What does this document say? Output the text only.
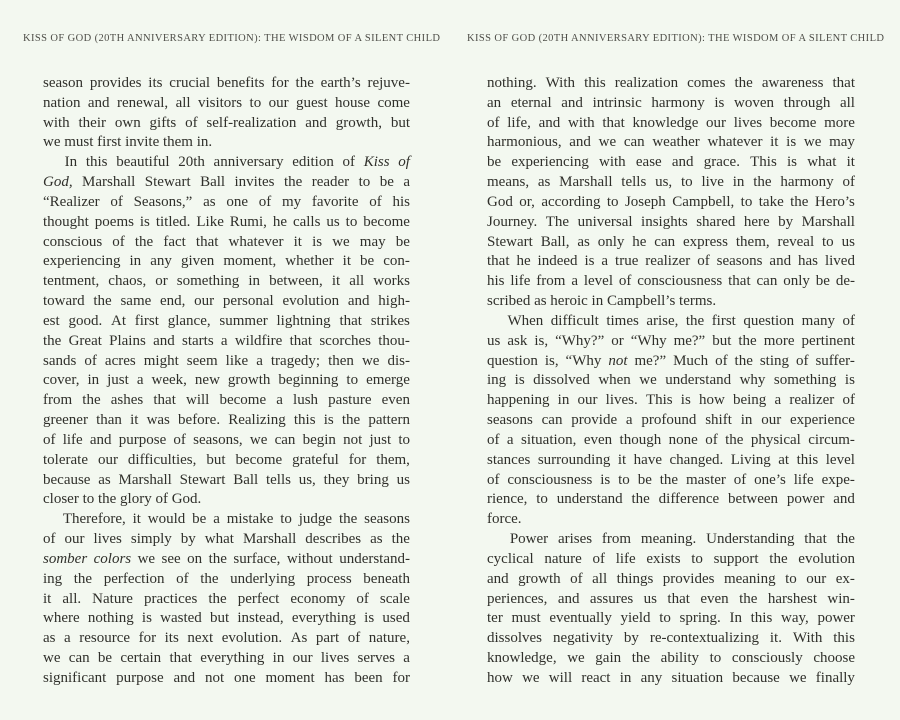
KISS OF GOD (20TH ANNIVERSARY EDITION): THE WISDOM OF A SILENT CHILD
season provides its crucial benefits for the earth’s rejuve-
nation and renewal, all visitors to our guest house come
with their own gifts of self-realization and growth, but
we must first invite them in.
In this beautiful 20th anniversary edition of Kiss of
God, Marshall Stewart Ball invites the reader to be a
“Realizer of Seasons,” as one of my favorite of his
thought poems is titled. Like Rumi, he calls us to become
conscious of the fact that whatever it is we may be
experiencing in any given moment, whether it be con-
tentment, chaos, or something in between, it all works
toward the same end, our personal evolution and high-
est good. At first glance, summer lightning that strikes
the Great Plains and starts a wildfire that scorches thou-
sands of acres might seem like a tragedy; then we dis-
cover, in just a week, new growth beginning to emerge
from the ashes that will become a lush pasture even
greener than it was before. Realizing this is the pattern
of life and purpose of seasons, we can begin not just to
tolerate our difficulties, but become grateful for them,
because as Marshall Stewart Ball tells us, they bring us
closer to the glory of God.
Therefore, it would be a mistake to judge the seasons
of our lives simply by what Marshall describes as the
somber colors we see on the surface, without understand-
ing the perfection of the underlying process beneath
it all. Nature practices the perfect economy of scale
where nothing is wasted but instead, everything is used
as a resource for its next evolution. As part of nature,
we can be certain that everything in our lives serves a
significant purpose and not one moment has been for
KISS OF GOD (20TH ANNIVERSARY EDITION): THE WISDOM OF A SILENT CHILD
nothing. With this realization comes the awareness that
an eternal and intrinsic harmony is woven through all
of life, and with that knowledge our lives become more
harmonious, and we can weather whatever it is we may
be experiencing with ease and grace. This is what it
means, as Marshall tells us, to live in the harmony of
God or, according to Joseph Campbell, to take the Hero’s
Journey. The universal insights shared here by Marshall
Stewart Ball, as only he can express them, reveal to us
that he indeed is a true realizer of seasons and has lived
his life from a level of consciousness that can only be de-
scribed as heroic in Campbell’s terms.
When difficult times arise, the first question many of
us ask is, “Why?” or “Why me?” but the more pertinent
question is, “Why not me?” Much of the sting of suffer-
ing is dissolved when we understand why something is
happening in our lives. This is how being a realizer of
seasons can provide a profound shift in our experience
of a situation, even though none of the physical circum-
stances surrounding it have changed. Living at this level
of consciousness is to be the master of one’s life expe-
rience, to understand the difference between power and
force.
Power arises from meaning. Understanding that the
cyclical nature of life exists to support the evolution
and growth of all things provides meaning to our ex-
periences, and assures us that even the harshest win-
ter must eventually yield to spring. In this way, power
dissolves negativity by re-contextualizing it. With this
knowledge, we gain the ability to consciously choose
how we will react in any situation because we finally
